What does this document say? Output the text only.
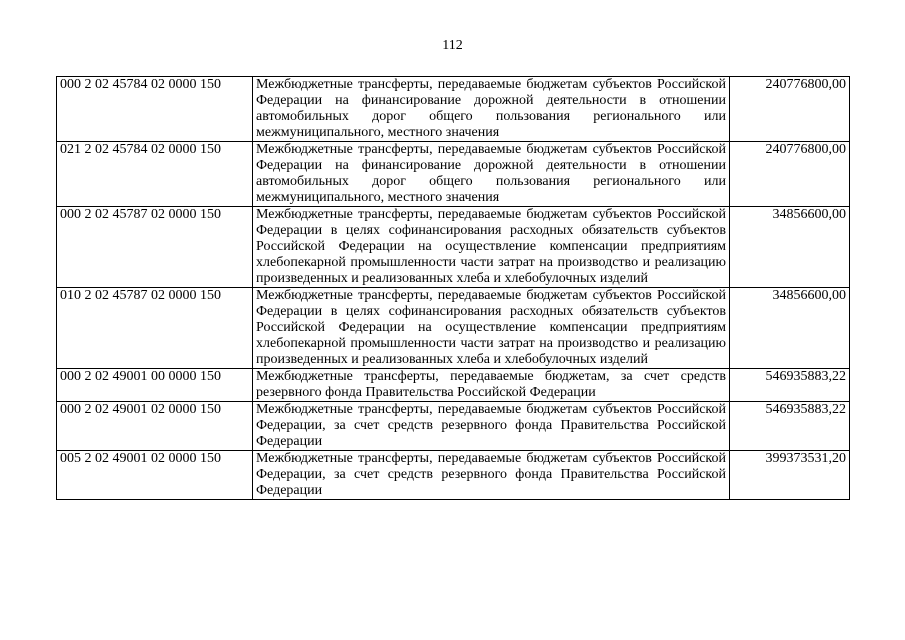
112
000 2 02 45784 02 0000 150	Межбюджетные трансферты, передаваемые бюджетам субъектов Российской Федерации на финансирование дорожной деятельности в отношении автомобильных дорог общего пользования регионального или межмуниципального, местного значения	240776800,00
021 2 02 45784 02 0000 150	Межбюджетные трансферты, передаваемые бюджетам субъектов Российской Федерации на финансирование дорожной деятельности в отношении автомобильных дорог общего пользования регионального или межмуниципального, местного значения	240776800,00
000 2 02 45787 02 0000 150	Межбюджетные трансферты, передаваемые бюджетам субъектов Российской Федерации в целях софинансирования расходных обязательств субъектов Российской Федерации на осуществление компенсации предприятиям хлебопекарной промышленности части затрат на производство и реализацию произведенных и реализованных хлеба и хлебобулочных изделий	34856600,00
010 2 02 45787 02 0000 150	Межбюджетные трансферты, передаваемые бюджетам субъектов Российской Федерации в целях софинансирования расходных обязательств субъектов Российской Федерации на осуществление компенсации предприятиям хлебопекарной промышленности части затрат на производство и реализацию произведенных и реализованных хлеба и хлебобулочных изделий	34856600,00
000 2 02 49001 00 0000 150	Межбюджетные трансферты, передаваемые бюджетам, за счет средств резервного фонда Правительства Российской Федерации	546935883,22
000 2 02 49001 02 0000 150	Межбюджетные трансферты, передаваемые бюджетам субъектов Российской Федерации, за счет средств резервного фонда Правительства Российской Федерации	546935883,22
005 2 02 49001 02 0000 150	Межбюджетные трансферты, передаваемые бюджетам субъектов Российской Федерации, за счет средств резервного фонда Правительства Российской Федерации	399373531,20
